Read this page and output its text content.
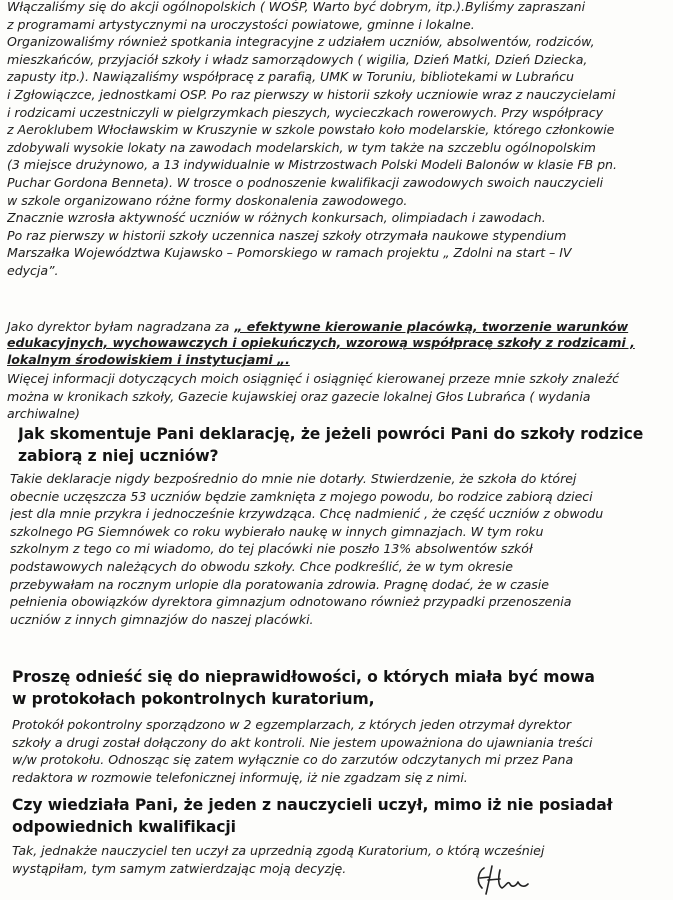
Włączaliśmy się do akcji ogólnopolskich ( WOŚP, Warto być dobrym, itp.).Byliśmy zapraszani
z programami artystycznymi na uroczystości powiatowe, gminne i lokalne.
Organizowaliśmy również spotkania integracyjne z udziałem uczniów, absolwentów, rodziców,
mieszkańców, przyjaciół szkoły i władz samorządowych ( wigilia, Dzień Matki, Dzień Dziecka,
zapusty itp.). Nawiązaliśmy współpracę z parafią, UMK w Toruniu, bibliotekami w Lubrańcu
i Zgłowiączce, jednostkami OSP. Po raz pierwszy w historii szkoły uczniowie wraz z nauczycielami
i rodzicami uczestniczyli w pielgrzymkach pieszych, wycieczkach rowerowych. Przy współpracy
z Aeroklubem Włocławskim w Kruszynie w szkole powstało koło modelarskie, którego członkowie
zdobywali wysokie lokaty na zawodach modelarskich, w tym także na szczeblu ogólnopolskim
(3 miejsce drużynowo, a 13 indywidualnie w Mistrzostwach Polski Modeli Balonów w klasie FB pn.
Puchar Gordona Benneta). W trosce o podnoszenie kwalifikacji zawodowych swoich nauczycieli
w szkole organizowano różne formy doskonalenia zawodowego.
Znacznie wzrosła aktywność uczniów w różnych konkursach, olimpiadach i zawodach.
Po raz pierwszy w historii szkoły uczennica naszej szkoły otrzymała naukowe stypendium
Marszałka Województwa Kujawsko – Pomorskiego w ramach projektu „ Zdolni na start – IV
edycja”.
Jako dyrektor byłam nagradzana za „ efektywne kierowanie placówką, tworzenie warunków
edukacyjnych, wychowawczych i opiekuńczych, wzorową współpracę szkoły z rodzicami ,
lokalnym środowiskiem i instytucjami „.
Więcej informacji dotyczących moich osiągnięć i osiągnięć kierowanej przeze mnie szkoły znaleźć
można w kronikach szkoły, Gazecie kujawskiej oraz gazecie lokalnej Głos Lubrańca ( wydania
archiwalne)
Jak skomentuje Pani deklarację, że jeżeli powróci Pani do szkoły rodzice
zabiorą z niej uczniów?
Takie deklaracje nigdy bezpośrednio do mnie nie dotarły. Stwierdzenie, że szkoła do której
obecnie uczęszcza 53 uczniów będzie zamknięta z mojego powodu, bo rodzice zabiorą dzieci
jest dla mnie przykra i jednocześnie krzywdząca. Chcę nadmienić , że część uczniów z obwodu
szkolnego PG Siemnówek co roku wybierało naukę w innych gimnazjach. W tym roku
szkolnym z tego co mi wiadomo, do tej placówki nie poszło 13% absolwentów szkół
podstawowych należących do obwodu szkoły. Chce podkreślić, że w tym okresie
przebywałam na rocznym urlopie dla poratowania zdrowia. Pragnę dodać, że w czasie
pełnienia obowiązków dyrektora gimnazjum odnotowano również przypadki przenoszenia
uczniów z innych gimnazjów do naszej placówki.
Proszę odnieść się do nieprawidłowości, o których miała być mowa
w protokołach pokontrolnych kuratorium,
Protokół pokontrolny sporządzono w 2 egzemplarzach, z których jeden otrzymał dyrektor
szkoły a drugi został dołączony do akt kontroli. Nie jestem upoważniona do ujawniania treści
w/w protokołu. Odnosząc się zatem wyłącznie co do zarzutów odczytanych mi przez Pana
redaktora w rozmowie telefonicznej informuję, iż nie zgadzam się z nimi.
Czy wiedziała Pani, że jeden z nauczycieli uczył, mimo iż nie posiadał
odpowiednich kwalifikacji
Tak, jednakże nauczyciel ten uczył za uprzednią zgodą Kuratorium, o którą wcześniej
wystąpiłam, tym samym zatwierdzając moją decyzję.
